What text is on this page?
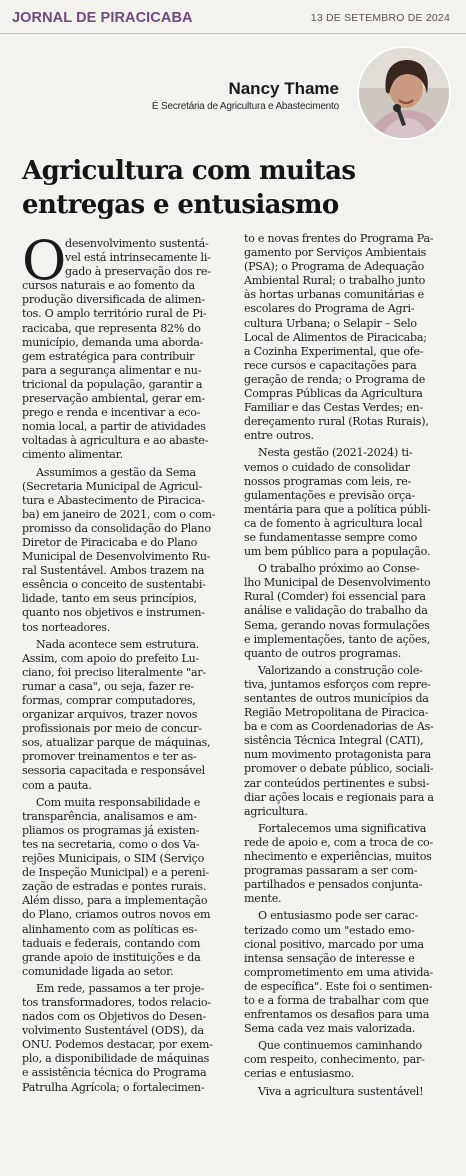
JORNAL DE PIRACICABA	13 DE SETEMBRO DE 2024
Nancy Thame
É Secretária de Agricultura e Abastecimento
Agricultura com muitas
entregas e entusiasmo
O
desenvolvimento sustentá-
vel está intrinsecamente li-
gado à preservação dos re-
cursos naturais e ao fomento da
produção diversificada de alimen-
tos. O amplo território rural de Pi-
racicaba, que representa 82% do
município, demanda uma aborda-
gem estratégica para contribuir
para a segurança alimentar e nu-
tricional da população, garantir a
preservação ambiental, gerar em-
prego e renda e incentivar a eco-
nomia local, a partir de atividades
voltadas à agricultura e ao abaste-
cimento alimentar.
Assumimos a gestão da Sema
(Secretaria Municipal de Agricul-
tura e Abastecimento de Piracica-
ba) em janeiro de 2021, com o com-
promisso da consolidação do Plano
Diretor de Piracicaba e do Plano
Municipal de Desenvolvimento Ru-
ral Sustentável. Ambos trazem na
essência o conceito de sustentabi-
lidade, tanto em seus princípios,
quanto nos objetivos e instrumen-
tos norteadores.
Nada acontece sem estrutura.
Assim, com apoio do prefeito Lu-
ciano, foi preciso literalmente "ar-
rumar a casa", ou seja, fazer re-
formas, comprar computadores,
organizar arquivos, trazer novos
profissionais por meio de concur-
sos, atualizar parque de máquinas,
promover treinamentos e ter as-
sessoria capacitada e responsável
com a pauta.
Com muita responsabilidade e
transparência, analisamos e am-
pliamos os programas já existen-
tes na secretaria, como o dos Va-
rejões Municipais, o SIM (Serviço
de Inspeção Municipal) e a pereni-
zação de estradas e pontes rurais.
Além disso, para a implementação
do Plano, criamos outros novos em
alinhamento com as políticas es-
taduais e federais, contando com
grande apoio de instituições e da
comunidade ligada ao setor.
Em rede, passamos a ter proje-
tos transformadores, todos relacio-
nados com os Objetivos do Desen-
volvimento Sustentável (ODS), da
ONU. Podemos destacar, por exem-
plo, a disponibilidade de máquinas
e assistência técnica do Programa
Patrulha Agrícola; o fortalecimen-
to e novas frentes do Programa Pa-
gamento por Serviços Ambientais
(PSA); o Programa de Adequação
Ambiental Rural; o trabalho junto
às hortas urbanas comunitárias e
escolares do Programa de Agri-
cultura Urbana; o Selapir – Selo
Local de Alimentos de Piracicaba;
a Cozinha Experimental, que ofe-
rece cursos e capacitações para
geração de renda; o Programa de
Compras Públicas da Agricultura
Familiar e das Cestas Verdes; en-
dereçamento rural (Rotas Rurais),
entre outros.
Nesta gestão (2021-2024) ti-
vemos o cuidado de consolidar
nossos programas com leis, re-
gulamentações e previsão orça-
mentária para que a política públi-
ca de fomento à agricultura local
se fundamentasse sempre como
um bem público para a população.
O trabalho próximo ao Conse-
lho Municipal de Desenvolvimento
Rural (Comder) foi essencial para
análise e validação do trabalho da
Sema, gerando novas formulações
e implementações, tanto de ações,
quanto de outros programas.
Valorizando a construção cole-
tiva, juntamos esforços com repre-
sentantes de outros municípios da
Região Metropolitana de Piracica-
ba e com as Coordenadorias de As-
sistência Técnica Integral (CATI),
num movimento protagonista para
promover o debate público, sociali-
zar conteúdos pertinentes e subsi-
diar ações locais e regionais para a
agricultura.
Fortalecemos uma significativa
rede de apoio e, com a troca de co-
nhecimento e experiências, muitos
programas passaram a ser com-
partilhados e pensados conjunta-
mente.
O entusiasmo pode ser carac-
terizado como um "estado emo-
cional positivo, marcado por uma
intensa sensação de interesse e
comprometimento em uma ativida-
de específica". Este foi o sentimen-
to e a forma de trabalhar com que
enfrentamos os desafios para uma
Sema cada vez mais valorizada.
Que continuemos caminhando
com respeito, conhecimento, par-
cerias e entusiasmo.
Viva a agricultura sustentável!
